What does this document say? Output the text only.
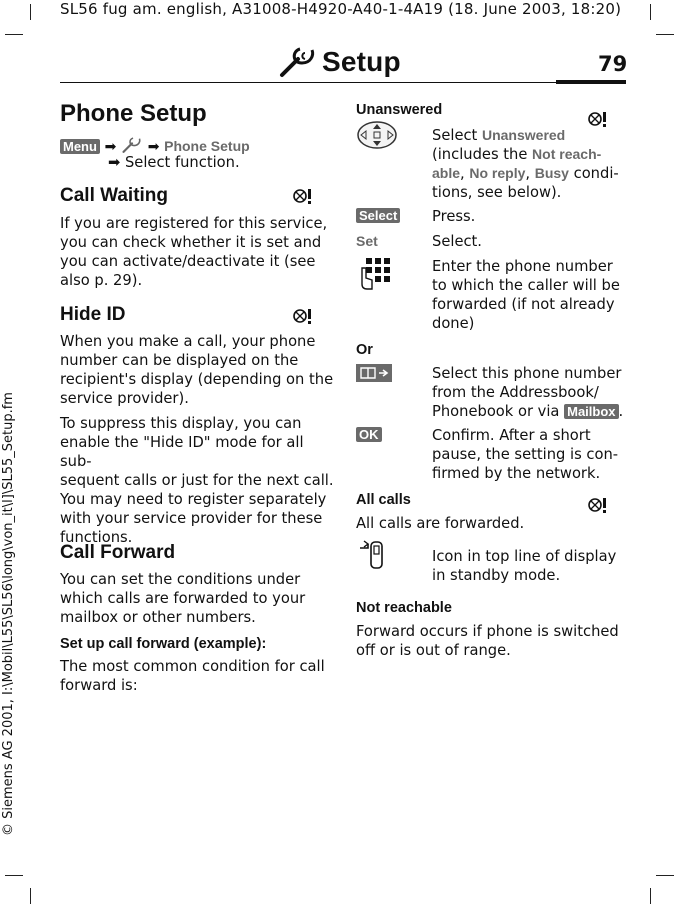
SL56 fug am. english, A31008-H4920-A40-1-4A19 (18. June 2003, 18:20)
Setup	79
© Siemens AG 2001, I:\Mobil\L55\SL56\long\von_it\l]\SL55_Setup.fm
Phone Setup
Menu ➡ ➡ Phone Setup
➡ Select function.
Call Waiting
If you are registered for this service,
you can check whether it is set and
you can activate/deactivate it (see
also p. 29).
Hide ID
When you make a call, your phone
number can be displayed on the
recipient's display (depending on the
service provider).
To suppress this display, you can
enable the "Hide ID" mode for all sub-
sequent calls or just for the next call.
You may need to register separately
with your service provider for these
functions.
Call Forward
You can set the conditions under
which calls are forwarded to your
mailbox or other numbers.
Set up call forward (example):
The most common condition for call
forward is:
Unanswered
Select Unanswered
(includes the Not reach-
able, No reply, Busy condi-
tions, see below).
Select Press.
Set	Select.
Enter the phone number
to which the caller will be
forwarded (if not already
done)
Or
Select this phone number
from the Addressbook/
Phonebook or via Mailbox .
OK	Confirm. After a short
pause, the setting is con-
firmed by the network.
All calls
All calls are forwarded.
Icon in top line of display
in standby mode.
Not reachable
Forward occurs if phone is switched
off or is out of range.
